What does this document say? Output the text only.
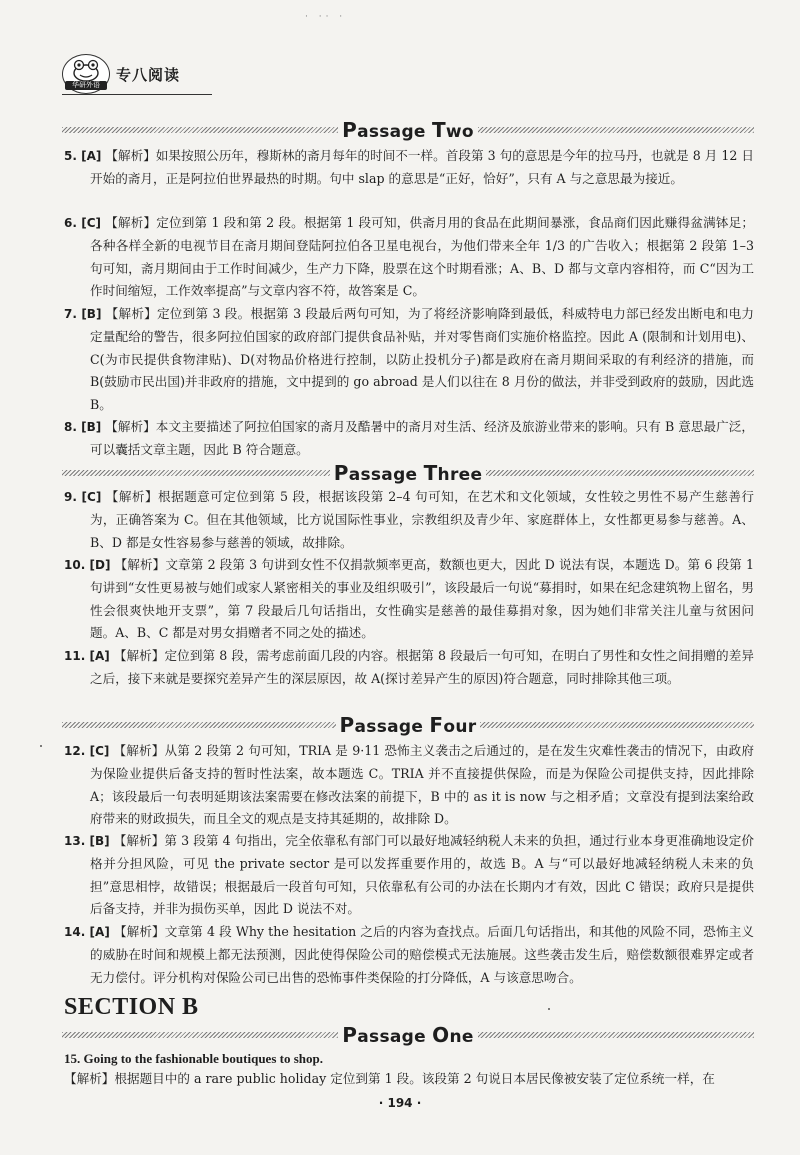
· ·· ·
华研外语
专八阅读
Passage Two
5. [A] 【解析】如果按照公历年，穆斯林的斋月每年的时间不一样。首段第 3 句的意思是今年的拉马丹，也就是 8 月 12 日开始的斋月，正是阿拉伯世界最热的时期。句中 slap 的意思是“正好，恰好”，只有 A 与之意思最为接近。
6. [C] 【解析】定位到第 1 段和第 2 段。根据第 1 段可知，供斋月用的食品在此期间暴涨，食品商们因此赚得盆满钵足；各种各样全新的电视节目在斋月期间登陆阿拉伯各卫星电视台，为他们带来全年 1/3 的广告收入；根据第 2 段第 1–3 句可知，斋月期间由于工作时间减少，生产力下降，股票在这个时期看涨；A、B、D 都与文章内容相符，而 C“因为工作时间缩短，工作效率提高”与文章内容不符，故答案是 C。
7. [B] 【解析】定位到第 3 段。根据第 3 段最后两句可知，为了将经济影响降到最低，科威特电力部已经发出断电和电力定量配给的警告，很多阿拉伯国家的政府部门提供食品补贴，并对零售商们实施价格监控。因此 A (限制和计划用电)、C(为市民提供食物津贴)、D(对物品价格进行控制，以防止投机分子)都是政府在斋月期间采取的有利经济的措施，而 B(鼓励市民出国)并非政府的措施，文中提到的 go abroad 是人们以往在 8 月份的做法，并非受到政府的鼓励，因此选 B。
8. [B] 【解析】本文主要描述了阿拉伯国家的斋月及酷暑中的斋月对生活、经济及旅游业带来的影响。只有 B 意思最广泛，可以囊括文章主题，因此 B 符合题意。
Passage Three
9. [C] 【解析】根据题意可定位到第 5 段，根据该段第 2–4 句可知，在艺术和文化领域，女性较之男性不易产生慈善行为，正确答案为 C。但在其他领域，比方说国际性事业，宗教组织及青少年、家庭群体上，女性都更易参与慈善。A、B、D 都是女性容易参与慈善的领域，故排除。
10. [D] 【解析】文章第 2 段第 3 句讲到女性不仅捐款频率更高，数额也更大，因此 D 说法有误，本题选 D。第 6 段第 1 句讲到“女性更易被与她们或家人紧密相关的事业及组织吸引”，该段最后一句说“募捐时，如果在纪念建筑物上留名，男性会很爽快地开支票”，第 7 段最后几句话指出，女性确实是慈善的最佳募捐对象，因为她们非常关注儿童与贫困问题。A、B、C 都是对男女捐赠者不同之处的描述。
11. [A] 【解析】定位到第 8 段，需考虑前面几段的内容。根据第 8 段最后一句可知，在明白了男性和女性之间捐赠的差异之后，接下来就是要探究差异产生的深层原因，故 A(探讨差异产生的原因)符合题意，同时排除其他三项。
Passage Four
12. [C] 【解析】从第 2 段第 2 句可知，TRIA 是 9·11 恐怖主义袭击之后通过的，是在发生灾难性袭击的情况下，由政府为保险业提供后备支持的暂时性法案，故本题选 C。TRIA 并不直接提供保险，而是为保险公司提供支持，因此排除 A；该段最后一句表明延期该法案需要在修改法案的前提下，B 中的 as it is now 与之相矛盾；文章没有提到法案给政府带来的财政损失，而且全文的观点是支持其延期的，故排除 D。
13. [B] 【解析】第 3 段第 4 句指出，完全依靠私有部门可以最好地减轻纳税人未来的负担，通过行业本身更准确地设定价格并分担风险，可见 the private sector 是可以发挥重要作用的，故选 B。A 与“可以最好地减轻纳税人未来的负担”意思相悖，故错误；根据最后一段首句可知，只依靠私有公司的办法在长期内才有效，因此 C 错误；政府只是提供后备支持，并非为损伤买单，因此 D 说法不对。
14. [A] 【解析】文章第 4 段 Why the hesitation 之后的内容为查找点。后面几句话指出，和其他的风险不同，恐怖主义的威胁在时间和规模上都无法预测，因此使得保险公司的赔偿模式无法施展。这些袭击发生后，赔偿数额很难界定或者无力偿付。评分机构对保险公司已出售的恐怖事件类保险的打分降低，A 与该意思吻合。
SECTION B
Passage One
15. Going to the fashionable boutiques to shop.
【解析】根据题目中的 a rare public holiday 定位到第 1 段。该段第 2 句说日本居民像被安装了定位系统一样，在
· 194 ·
